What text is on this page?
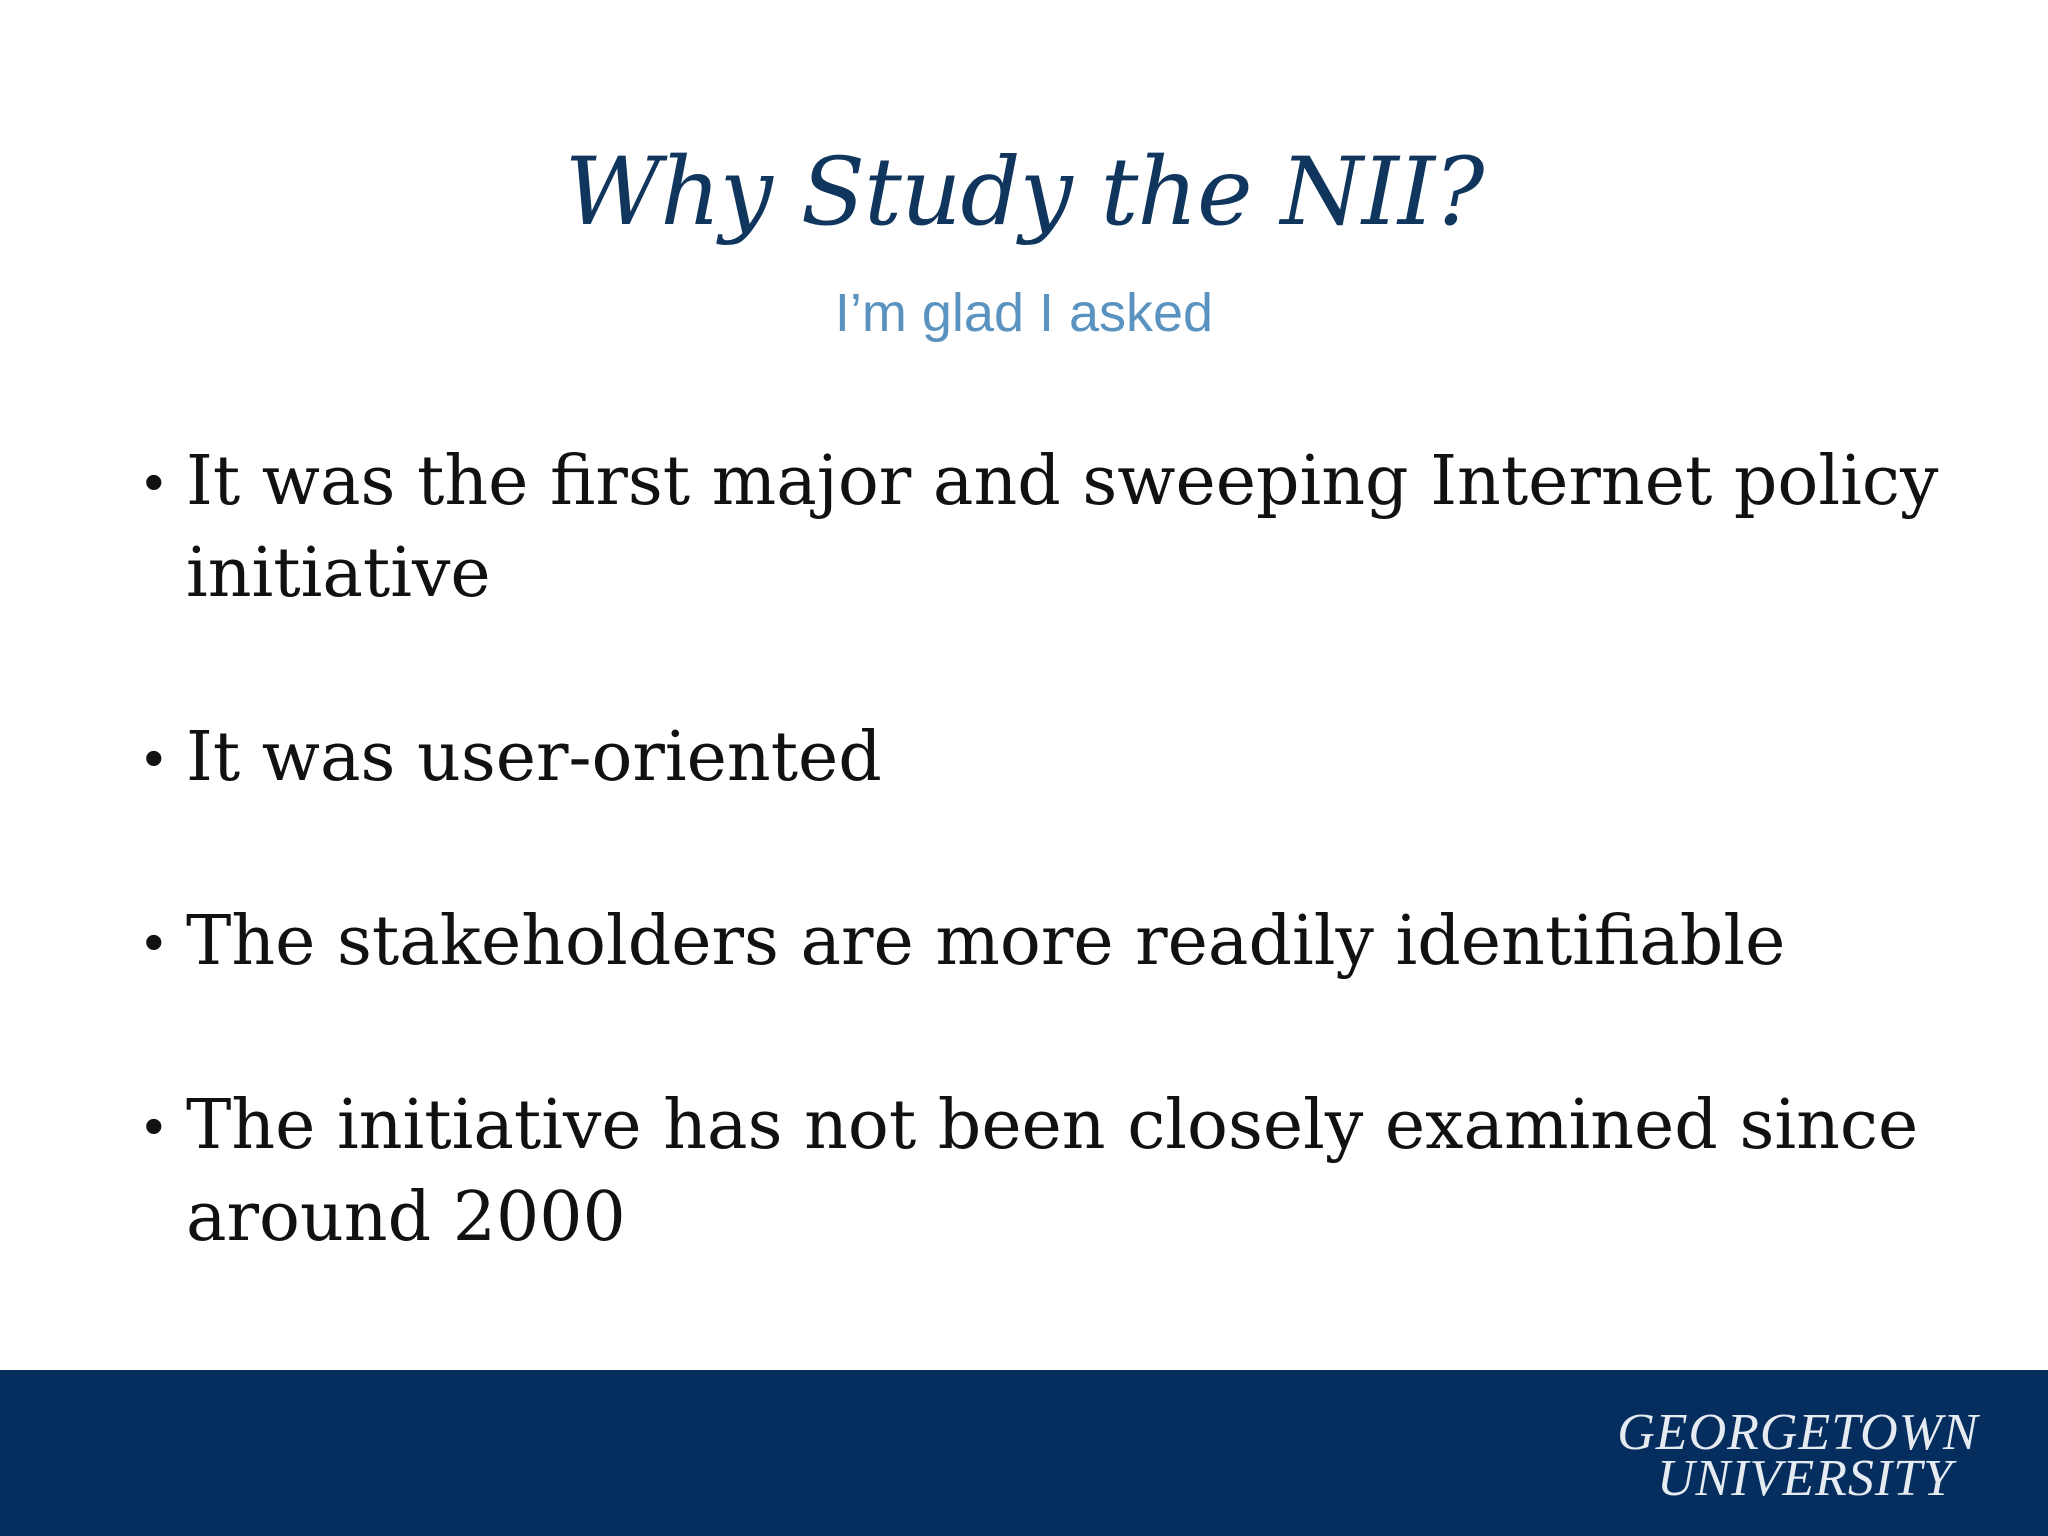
Why Study the NII?
I’m glad I asked
• It was the first major and sweeping Internet policy initiative
• It was user-oriented
• The stakeholders are more readily identifiable
• The initiative has not been closely examined since around 2000
GEORGETOWN
UNIVERSITY
